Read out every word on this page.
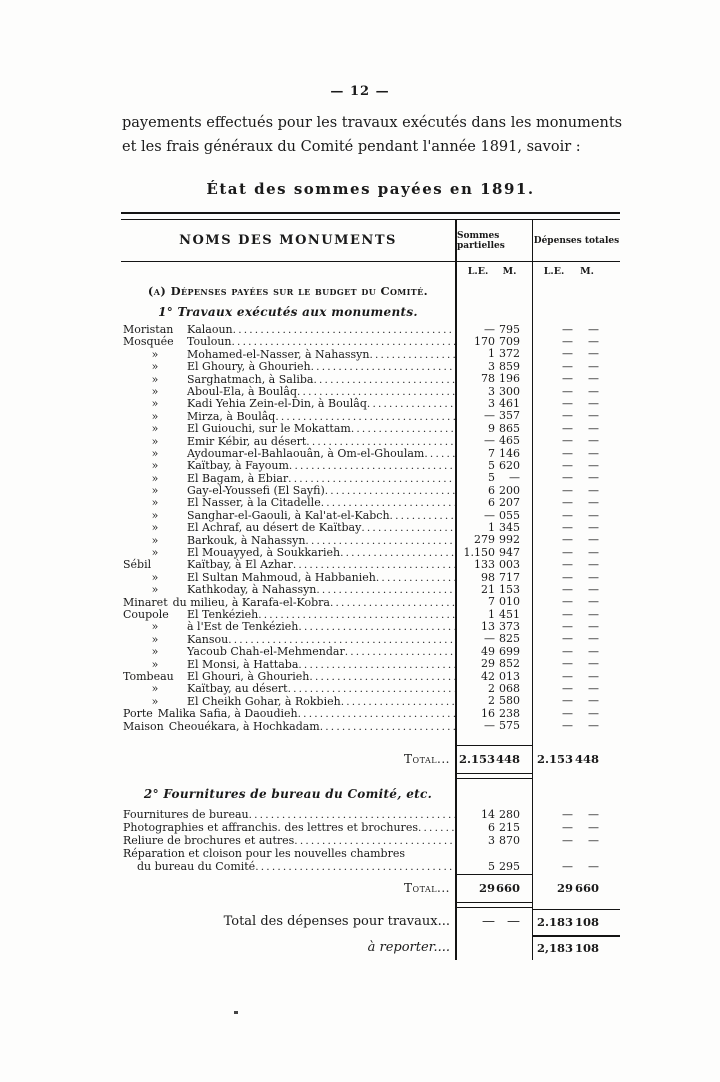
— 12 —

payements effectués pour les travaux exécutés dans les monuments
et les frais généraux du Comité pendant l'année 1891, savoir :

État des sommes payées en 1891.
NOMS DES MONUMENTS	Sommes partielles	Dépenses totales
L.E.	M.	L.E.	M.
(a) Dépenses payées sur le budget du Comité.
1° Travaux exécutés aux monuments.
Moristan	Kalaoun .....	— 795	—	—
Mosquée	Touloun .....	170 709	—	—
»	Mohamed-el-Nasser, à Nahassyn .....	1 372	—	—
»	El Ghoury, à Ghourieh .....	3 859	—	—
»	Sarghatmach, à Saliba .....	78 196	—	—
»	Aboul-Ela, à Boulâq .....	3 300	—	—
»	Kadi Yehia Zein-el-Din, à Boulâq .....	3 461	—	—
»	Mirza, à Boulâq .....	— 357	—	—
»	El Guiouchi, sur le Mokattam .....	9 865	—	—
»	Emir Kébir, au désert .....	— 465	—	—
»	Aydoumar-el-Bahlaouân, à Om-el-Ghoulam .....	7 146	—	—
»	Kaïtbay, à Fayoum .....	5 620	—	—
»	El Bagam, à Ebiar .....	5	—	—	—
»	Gay-el-Youssefi (El Sayfi) .....	6 200	—	—
»	El Nasser, à la Citadelle .....	6 207	—	—
»	Sanghar-el-Gaouli, à Kal'at-el-Kabch .....	— 055	—	—
»	El Achraf, au désert de Kaïtbay .....	1 345	—	—
»	Barkouk, à Nahassyn .....	279 992	—	—
»	El Mouayyed, à Soukkarieh .....	1.150 947	—	—
Sébil	Kaïtbay, à El Azhar .....	133 003	—	—
»	El Sultan Mahmoud, à Habbanieh .....	98 717	—	—
»	Kathkoday, à Nahassyn .....	21 153	—	—
Minaret du milieu, à Karafa-el-Kobra .....	7 010	—	—
Coupole	El Tenkézieh .....	1 451	—	—
»	à l'Est de Tenkézieh .....	13 373	—	—
»	Kansou .....	— 825	—	—
»	Yacoub Chah-el-Mehmendar .....	49 699	—	—
»	El Monsi, à Hattaba .....	29 852	—	—
Tombeau	El Ghouri, à Ghourieh .....	42 013	—	—
»	Kaïtbay, au désert .....	2 068	—	—
»	El Cheikh Gohar, à Rokbieh .....	2 580	—	—
Porte Malika Safia, à Daoudieh .....	16 238	—	—
Maison Cheouékara, à Hochkadam .....	— 575	—	—
Total... 2.153 448	2.153 448
2° Fournitures de bureau du Comité, etc.
Fournitures de bureau .....	14 280	—	—
Photographies et affranchis. des lettres et brochures .....	6 215	—	—
Reliure de brochures et autres .....	3 870	—	—
Réparation et cloison pour les nouvelles chambres
du bureau du Comité .....	5 295	—	—
Total...	29 660	29 660
Total des dépenses pour travaux...	— —	2.183 108
à reporter....	2,183 108
